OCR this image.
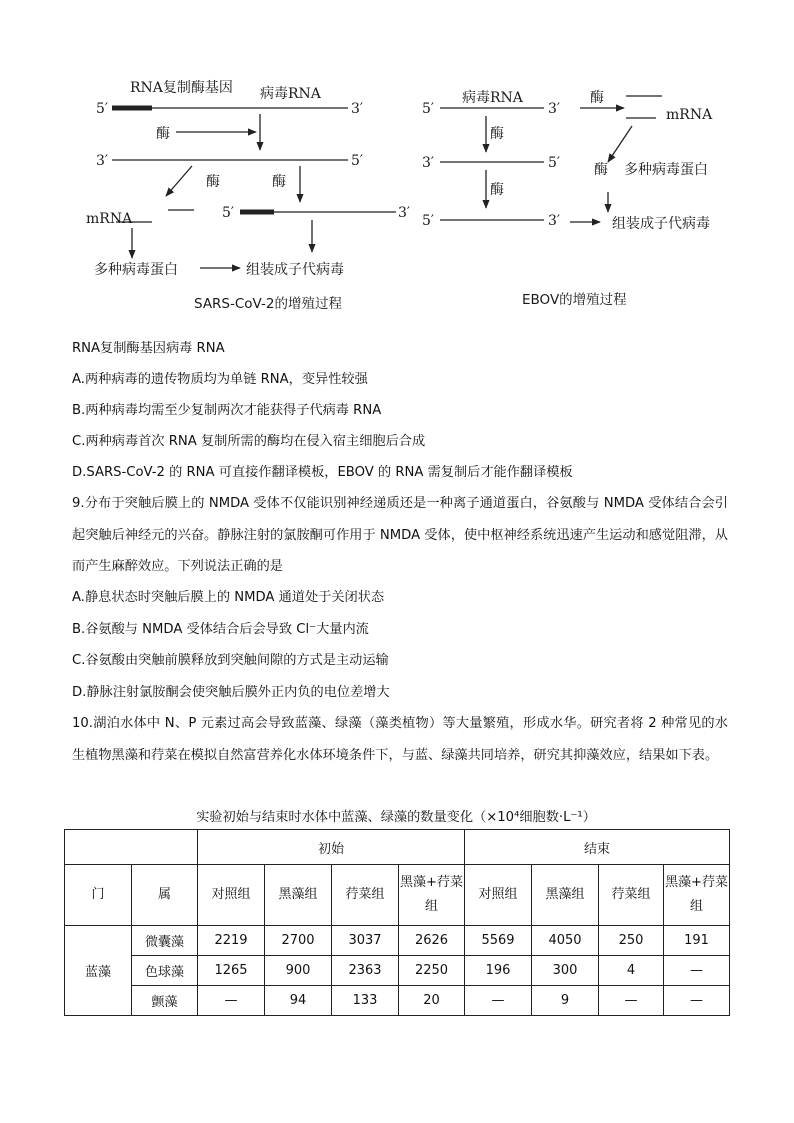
RNA复制酶基因 病毒RNA
5′	3′
酶
3′	5′
酶	酶
mRNA	5′	3′
多种病毒蛋白	组装成子代病毒
SARS-CoV-2的增殖过程
病毒RNA
5′	3′
酶
mRNA
酶
3′	5′ 酶 多种病毒蛋白
酶
5′	3′	组装成子代病毒
EBOV的增殖过程
RNA复制酶基因病毒 RNA
A.两种病毒的遗传物质均为单链 RNA，变异性较强
B.两种病毒均需至少复制两次才能获得子代病毒 RNA
C.两种病毒首次 RNA 复制所需的酶均在侵入宿主细胞后合成
D.SARS-CoV-2 的 RNA 可直接作翻译模板，EBOV 的 RNA 需复制后才能作翻译模板
9.分布于突触后膜上的 NMDA 受体不仅能识别神经递质还是一种离子通道蛋白，谷氨酸与 NMDA 受体结合会引起突触后神经元的兴奋。静脉注射的氯胺酮可作用于 NMDA 受体，使中枢神经系统迅速产生运动和感觉阻滞，从而产生麻醉效应。下列说法正确的是
A.静息状态时突触后膜上的 NMDA 通道处于关闭状态
B.谷氨酸与 NMDA 受体结合后会导致 Cl⁻大量内流
C.谷氨酸由突触前膜释放到突触间隙的方式是主动运输
D.静脉注射氯胺酮会使突触后膜外正内负的电位差增大
10.湖泊水体中 N、P 元素过高会导致蓝藻、绿藻（藻类植物）等大量繁殖，形成水华。研究者将 2 种常见的水生植物黑藻和荇菜在模拟自然富营养化水体环境条件下，与蓝、绿藻共同培养，研究其抑藻效应，结果如下表。
实验初始与结束时水体中蓝藻、绿藻的数量变化（×10⁴细胞数·L⁻¹）
		初始				结束			
门	属	对照组	黑藻组	荇菜组	黑藻+荇菜组	对照组	黑藻组	荇菜组	黑藻+荇菜组
蓝藻	微囊藻	2219	2700	3037	2626	5569	4050	250	191
	色球藻	1265	900	2363	2250	196	300	4	—
	颤藻	—	94	133	20	—	9	—	—
